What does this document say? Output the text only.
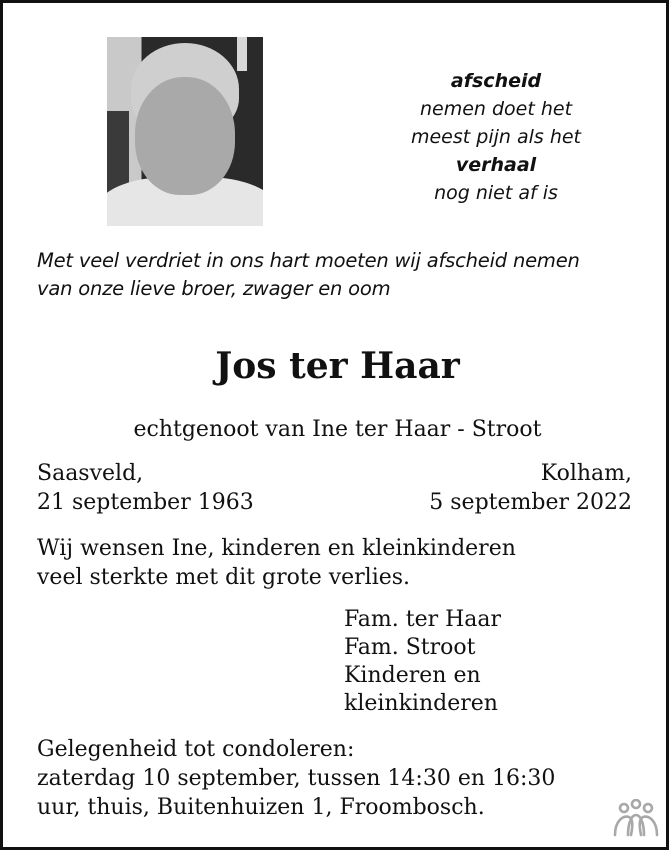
afscheid
nemen doet het
meest pijn als het
verhaal
nog niet af is
Met veel verdriet in ons hart moeten wij afscheid nemen
van onze lieve broer, zwager en oom
Jos ter Haar
echtgenoot van Ine ter Haar - Stroot
Saasveld,
21 september 1963
Kolham,
5 september 2022
Wij wensen Ine, kinderen en kleinkinderen
veel sterkte met dit grote verlies.
Fam. ter Haar
Fam. Stroot
Kinderen en
kleinkinderen
Gelegenheid tot condoleren:
zaterdag 10 september, tussen 14:30 en 16:30
uur, thuis, Buitenhuizen 1, Froombosch.
